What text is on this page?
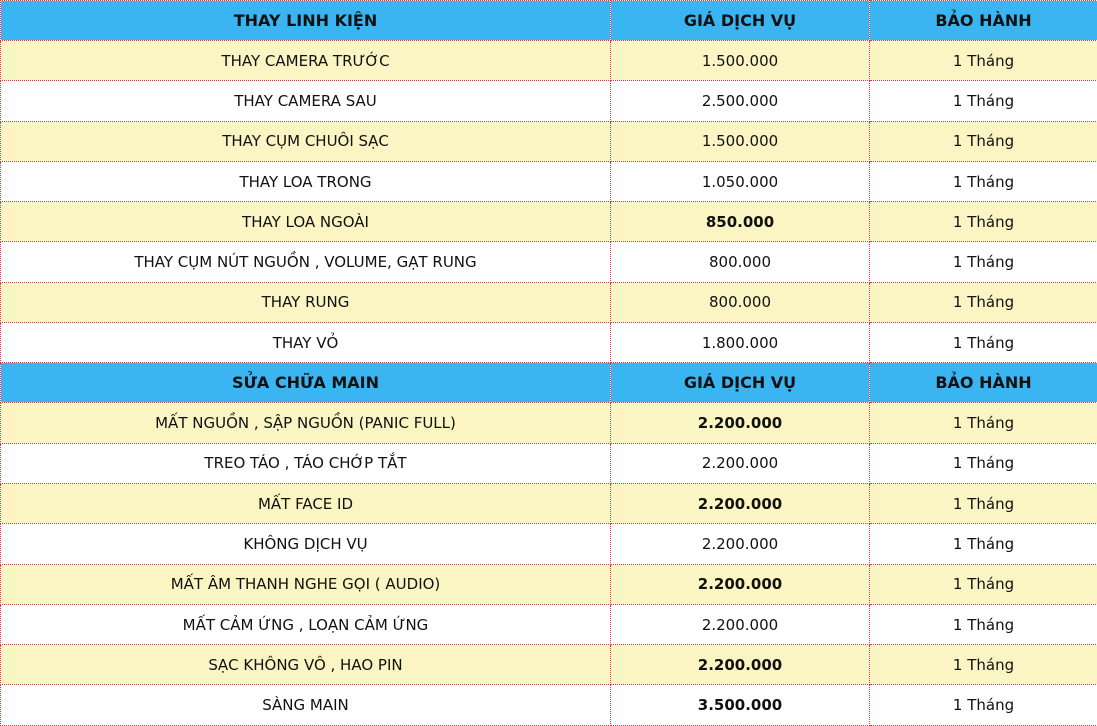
THAY LINH KIỆN	GIÁ DỊCH VỤ	BẢO HÀNH
THAY CAMERA TRƯỚC	1.500.000	1 Tháng
THAY CAMERA SAU	2.500.000	1 Tháng
THAY CỤM CHUÔI SẠC	1.500.000	1 Tháng
THAY LOA TRONG	1.050.000	1 Tháng
THAY LOA NGOÀI	850.000	1 Tháng
THAY CỤM NÚT NGUỒN , VOLUME, GẠT RUNG	800.000	1 Tháng
THAY RUNG	800.000	1 Tháng
THAY VỎ	1.800.000	1 Tháng
SỬA CHỮA MAIN	GIÁ DỊCH VỤ	BẢO HÀNH
MẤT NGUỒN , SẬP NGUỒN (PANIC FULL)	2.200.000	1 Tháng
TREO TÁO , TÁO CHỚP TẮT	2.200.000	1 Tháng
MẤT FACE ID	2.200.000	1 Tháng
KHÔNG DỊCH VỤ	2.200.000	1 Tháng
MẤT ÂM THANH NGHE GỌI ( AUDIO)	2.200.000	1 Tháng
MẤT CẢM ỨNG , LOẠN CẢM ỨNG	2.200.000	1 Tháng
SẠC KHÔNG VÔ , HAO PIN	2.200.000	1 Tháng
SÀNG MAIN	3.500.000	1 Tháng
